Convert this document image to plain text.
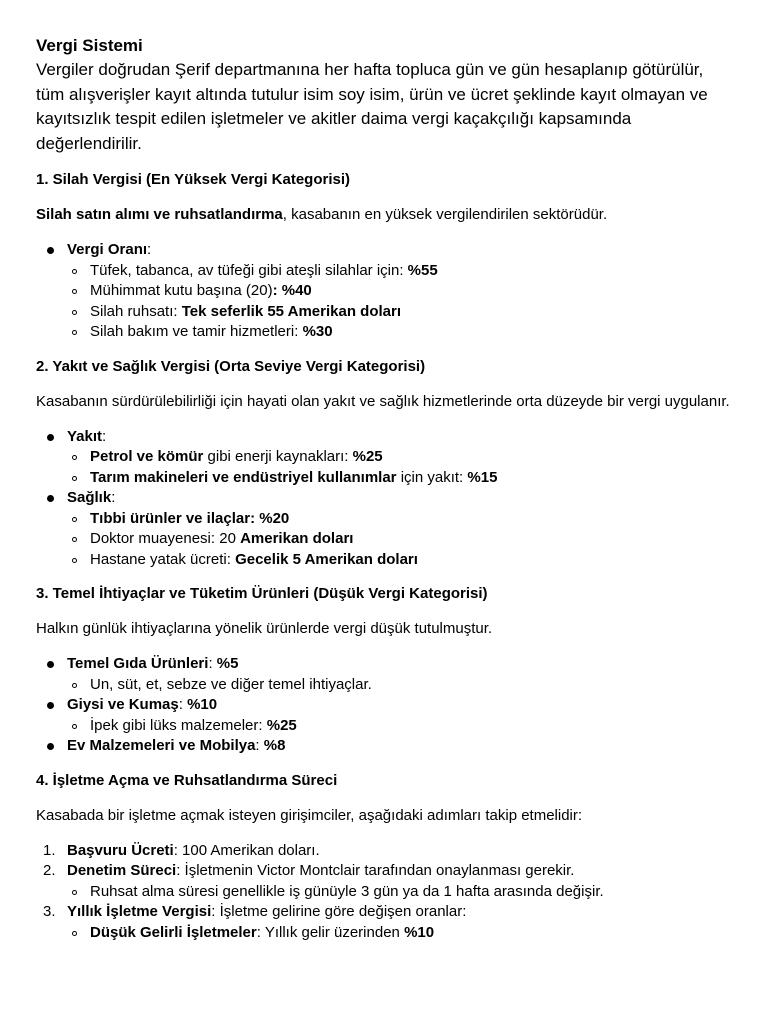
Vergi Sistemi

Vergiler doğrudan Şerif departmanına her hafta topluca gün ve gün hesaplanıp götürülür, tüm alışverişler kayıt altında tutulur isim soy isim, ürün ve ücret şeklinde kayıt olmayan ve kayıtsızlık tespit edilen işletmeler ve akitler daima vergi kaçakçılığı kapsamında değerlendirilir.

1. Silah Vergisi (En Yüksek Vergi Kategorisi)

Silah satın alımı ve ruhsatlandırma, kasabanın en yüksek vergilendirilen sektörüdür.

Vergi Oranı:
Tüfek, tabanca, av tüfeği gibi ateşli silahlar için: %55
Mühimmat kutu başına (20): %40
Silah ruhsatı: Tek seferlik 55 Amerikan doları
Silah bakım ve tamir hizmetleri: %30
2. Yakıt ve Sağlık Vergisi (Orta Seviye Vergi Kategorisi)

Kasabanın sürdürülebilirliği için hayati olan yakıt ve sağlık hizmetlerinde orta düzeyde bir vergi uygulanır.

Yakıt:
Petrol ve kömür gibi enerji kaynakları: %25
Tarım makineleri ve endüstriyel kullanımlar için yakıt: %15
Sağlık:
Tıbbi ürünler ve ilaçlar: %20
Doktor muayenesi: 20 Amerikan doları
Hastane yatak ücreti: Gecelik 5 Amerikan doları
3. Temel İhtiyaçlar ve Tüketim Ürünleri (Düşük Vergi Kategorisi)

Halkın günlük ihtiyaçlarına yönelik ürünlerde vergi düşük tutulmuştur.

Temel Gıda Ürünleri: %5
Un, süt, et, sebze ve diğer temel ihtiyaçlar.
Giysi ve Kumaş: %10
İpek gibi lüks malzemeler: %25
Ev Malzemeleri ve Mobilya: %8
4. İşletme Açma ve Ruhsatlandırma Süreci

Kasabada bir işletme açmak isteyen girişimciler, aşağıdaki adımları takip etmelidir:

1. Başvuru Ücreti: 100 Amerikan doları.
2. Denetim Süreci: İşletmenin Victor Montclair tarafından onaylanması gerekir.
Ruhsat alma süresi genellikle iş günüyle 3 gün ya da 1 hafta arasında değişir.
3. Yıllık İşletme Vergisi: İşletme gelirine göre değişen oranlar:
Düşük Gelirli İşletmeler: Yıllık gelir üzerinden %10
